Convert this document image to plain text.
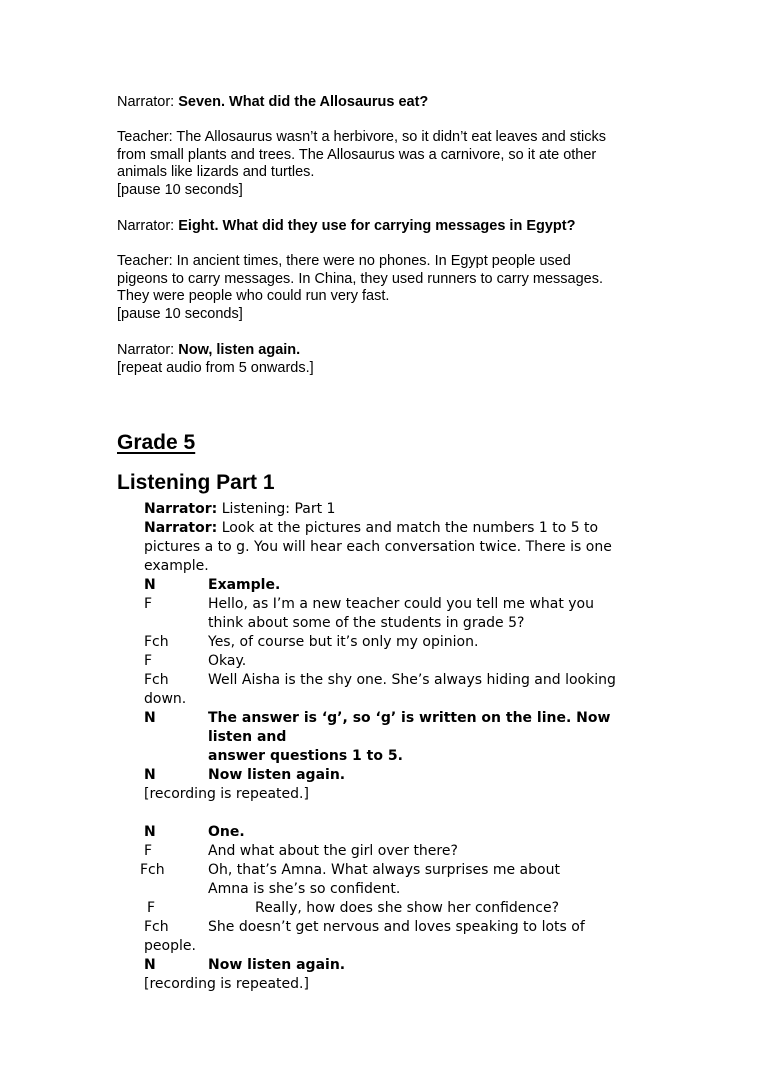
Narrator: Seven. What did the Allosaurus eat?
Teacher: The Allosaurus wasn’t a herbivore, so it didn’t eat leaves and sticks
from small plants and trees. The Allosaurus was a carnivore, so it ate other
animals like lizards and turtles.
[pause 10 seconds]
Narrator: Eight. What did they use for carrying messages in Egypt?
Teacher: In ancient times, there were no phones. In Egypt people used
pigeons to carry messages. In China, they used runners to carry messages.
They were people who could run very fast.
[pause 10 seconds]
Narrator: Now, listen again.
[repeat audio from 5 onwards.]
Grade 5
Listening Part 1
Narrator: Listening: Part 1
Narrator: Look at the pictures and match the numbers 1 to 5 to
pictures a to g. You will hear each conversation twice. There is one
example.
N	Example.
F	Hello, as I’m a new teacher could you tell me what you
think about some of the students in grade 5?
Fch	Yes, of course but it’s only my opinion.
F	Okay.
Fch	Well Aisha is the shy one. She’s always hiding and looking
down.
N	The answer is ‘g’, so ‘g’ is written on the line. Now listen and
answer questions 1 to 5.
N	Now listen again.
[recording is repeated.]
N	One.
F	And what about the girl over there?
Fch	Oh, that’s Amna. What always surprises me about
Amna is she’s so confident.
F	Really, how does she show her confidence?
Fch	She doesn’t get nervous and loves speaking to lots of
people.
N	Now listen again.
[recording is repeated.]
